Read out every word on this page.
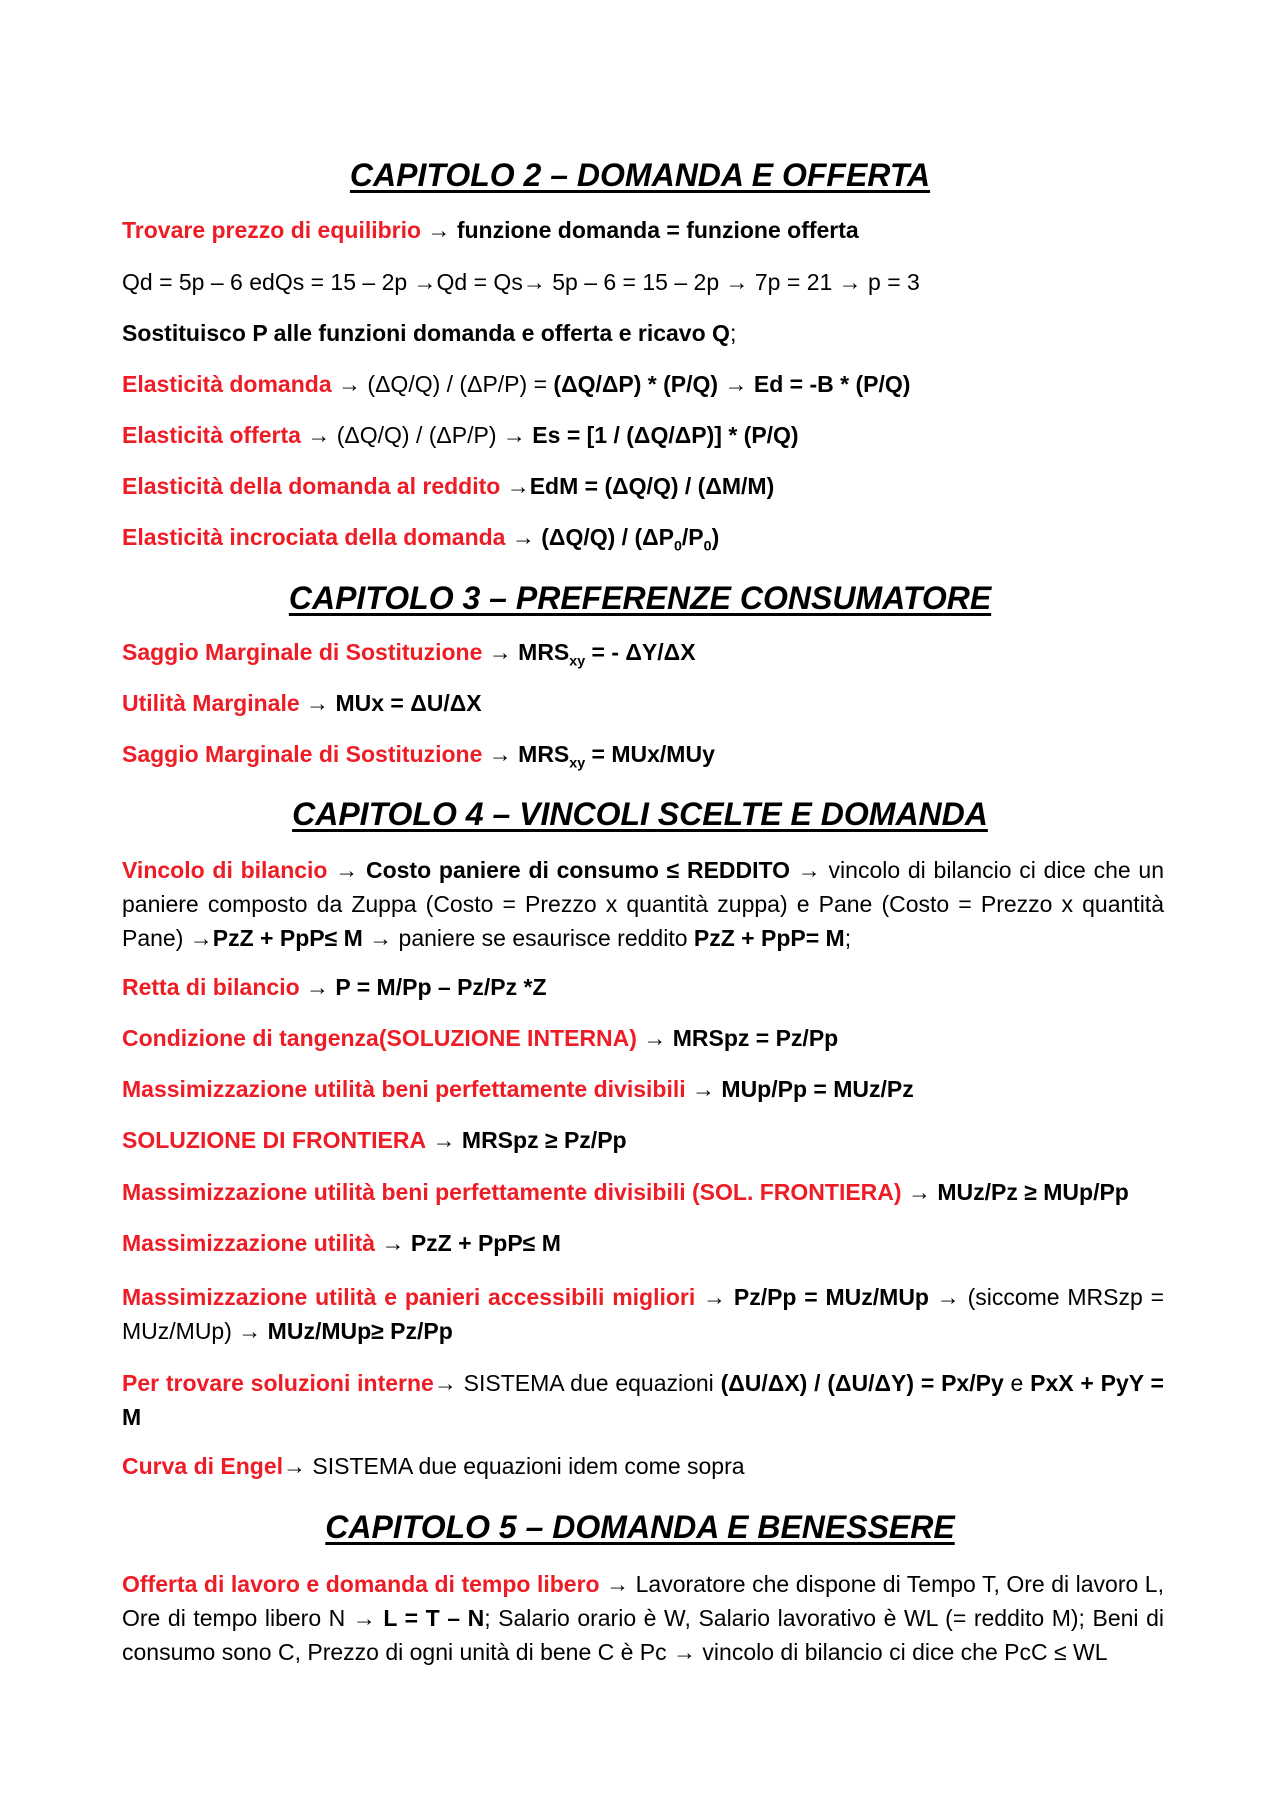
CAPITOLO 2 – DOMANDA E OFFERTA

Trovare prezzo di equilibrio → funzione domanda = funzione offerta

Qd = 5p – 6 edQs = 15 – 2p →Qd = Qs→ 5p – 6 = 15 – 2p → 7p = 21 → p = 3

Sostituisco P alle funzioni domanda e offerta e ricavo Q;

Elasticità domanda → (ΔQ/Q) / (ΔP/P) = (ΔQ/ΔP) * (P/Q) → Ed = -B * (P/Q)

Elasticità offerta → (ΔQ/Q) / (ΔP/P) → Es = [1 / (ΔQ/ΔP)] * (P/Q)

Elasticità della domanda al reddito →EdM = (ΔQ/Q) / (ΔM/M)

Elasticità incrociata della domanda → $(\Delta Q/Q) / (\Delta P_0/P_0)$

CAPITOLO 3 – PREFERENZE CONSUMATORE

Saggio Marginale di Sostituzione → $MRS_{xy}$ = - ΔY/ΔX

Utilità Marginale → MUx = ΔU/ΔX

Saggio Marginale di Sostituzione → $MRS_{xy} = MUx/MUy$

CAPITOLO 4 – VINCOLI SCELTE E DOMANDA

Vincolo di bilancio → Costo paniere di consumo ≤ REDDITO → vincolo di bilancio ci dice che un paniere composto da Zuppa (Costo = Prezzo x quantità zuppa) e Pane (Costo = Prezzo x quantità Pane) →PzZ + PpP≤ M → paniere se esaurisce reddito PzZ + PpP= M;

Retta di bilancio → P = M/Pp – Pz/Pz *Z

Condizione di tangenza(SOLUZIONE INTERNA) → MRSpz = Pz/Pp

Massimizzazione utilità beni perfettamente divisibili → MUp/Pp = MUz/Pz

SOLUZIONE DI FRONTIERA → MRSpz ≥ Pz/Pp

Massimizzazione utilità beni perfettamente divisibili (SOL. FRONTIERA) → MUz/Pz ≥ MUp/Pp

Massimizzazione utilità → PzZ + PpP≤ M

Massimizzazione utilità e panieri accessibili migliori → Pz/Pp = MUz/MUp → (siccome MRSzp = MUz/MUp) → MUz/MUp≥ Pz/Pp

Per trovare soluzioni interne→ SISTEMA due equazioni (ΔU/ΔX) / (ΔU/ΔY) = Px/Py e PxX + PyY = M

Curva di Engel→ SISTEMA due equazioni idem come sopra

CAPITOLO 5 – DOMANDA E BENESSERE

Offerta di lavoro e domanda di tempo libero → Lavoratore che dispone di Tempo T, Ore di lavoro L, Ore di tempo libero N → L = T – N; Salario orario è W, Salario lavorativo è WL (= reddito M); Beni di consumo sono C, Prezzo di ogni unità di bene C è Pc → vincolo di bilancio ci dice che PcC ≤ WL
